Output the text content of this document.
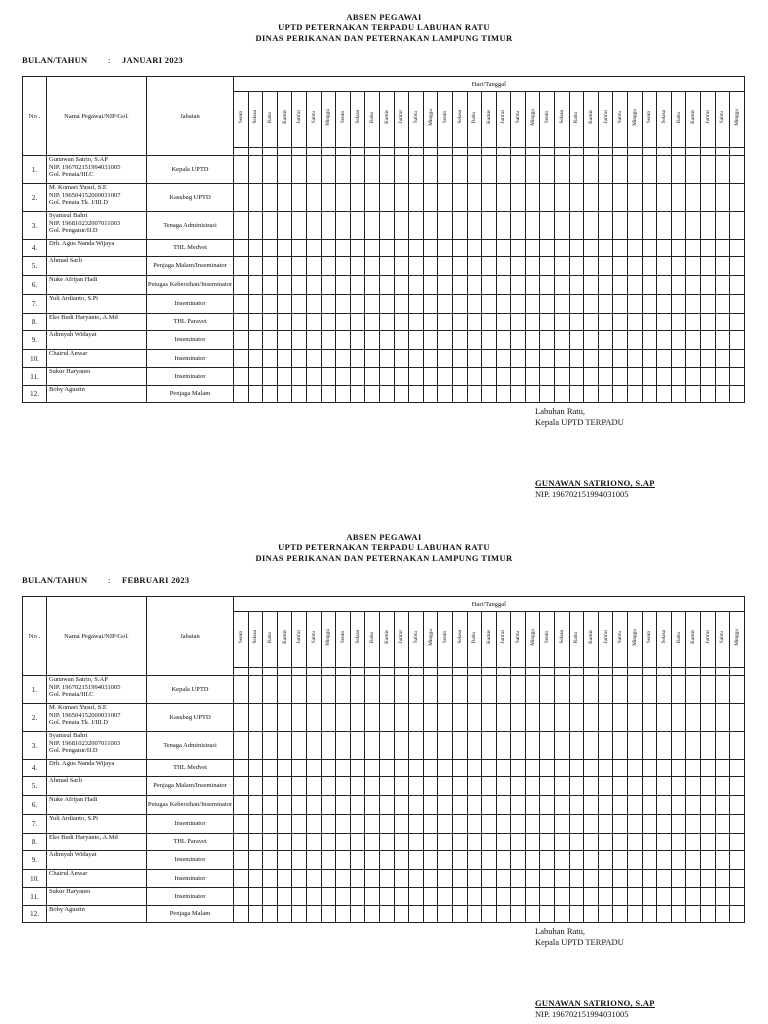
ABSEN PEGAWAI
UPTD PETERNAKAN TERPADU LABUHAN RATU
DINAS PERIKANAN DAN PETERNAKAN LAMPUNG TIMUR
BULAN/TAHUN : JANUARI 2023
No .	Nama Pegawai/NIP/Gol.	Jabatan	Hari/Tanggal																																		
			Senin	Selasa	Rabu	Kamis	Jum'at	Sabtu	Minggu	Senin	Selasa	Rabu	Kamis	Jum'at	Sabtu	Minggu	Senin	Selasa	Rabu	Kamis	Jum'at	Sabtu	Minggu	Senin	Selasa	Rabu	Kamis	Jum'at	Sabtu	Minggu	Senin	Selasa	Rabu	Kamis	Jum'at	Sabtu	Minggu

1.	Gunawan Satrio, S.AP
NIP. 196702151994031005
Gol. Penata/III.C	Kepala UPTD																																			
2.	M. Komari Yusuf, S.E
NIP. 196504152000031007
Gol. Penata Tk. I/III.D	Kasubag UPTD																																			
3.	Syamsul Bahri
NIP. 196810232007011003
Gol. Pengatur/II.D	Tenaga Administrasi																																			
4.	Drh. Agus Nanda Wijaya	THL Medvet																																			
5.	Ahmad Sarli	Penjaga Malam/Inseminator																																			
6.	Nuke Afrijan Hadi	Petugas Kebersihan/Inseminator																																			
7.	Yuli Ardianto, S.Pt	Inseminator																																			
8.	Eko Budi Haryanto, A.Md	THL Paravet																																			
9.	Adimyah Widayat	Inseminator																																			
10.	Chairul Anwar	Inseminator																																			
11.	Sukur Haryanto	Inseminator																																			
12.	Boby Agustin	Penjaga Malam																																			
Labuhan Ratu,
Kepala UPTD TERPADU
GUNAWAN SATRIONO, S.AP
NIP. 196702151994031005
ABSEN PEGAWAI
UPTD PETERNAKAN TERPADU LABUHAN RATU
DINAS PERIKANAN DAN PETERNAKAN LAMPUNG TIMUR
BULAN/TAHUN : FEBRUARI 2023
No .	Nama Pegawai/NIP/Gol.	Jabatan	Hari/Tanggal																																		
			Senin	Selasa	Rabu	Kamis	Jum'at	Sabtu	Minggu	Senin	Selasa	Rabu	Kamis	Jum'at	Sabtu	Minggu	Senin	Selasa	Rabu	Kamis	Jum'at	Sabtu	Minggu	Senin	Selasa	Rabu	Kamis	Jum'at	Sabtu	Minggu	Senin	Selasa	Rabu	Kamis	Jum'at	Sabtu	Minggu

1.	Gunawan Satrio, S.AP
NIP. 196702151994031005
Gol. Penata/III.C	Kepala UPTD																																			
2.	M. Komari Yusuf, S.E
NIP. 196504152000031007
Gol. Penata Tk. I/III.D	Kasubag UPTD																																			
3.	Syamsul Bahri
NIP. 196810232007011003
Gol. Pengatur/II.D	Tenaga Administrasi																																			
4.	Drh. Agus Nanda Wijaya	THL Medvet																																			
5.	Ahmad Sarli	Penjaga Malam/Inseminator																																			
6.	Nuke Afrijan Hadi	Petugas Kebersihan/Inseminator																																			
7.	Yuli Ardianto, S.Pt	Inseminator																																			
8.	Eko Budi Haryanto, A.Md	THL Paravet																																			
9.	Adimyah Widayat	Inseminator																																			
10.	Chairul Anwar	Inseminator																																			
11.	Sukur Haryanto	Inseminator																																			
12.	Boby Agustin	Penjaga Malam																																			
Labuhan Ratu,
Kepala UPTD TERPADU
GUNAWAN SATRIONO, S.AP
NIP. 196702151994031005
